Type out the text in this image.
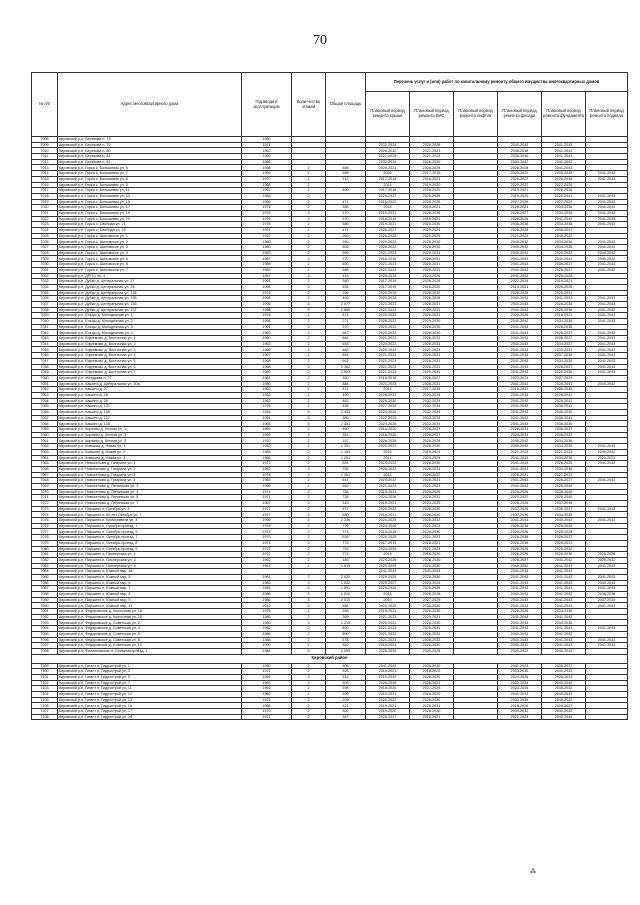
70
№ п/п	Адрес многоквартирного дома	Год ввода в эксплуатацию	Коли-чество этажей	Общая площадь	Перечень услуг и (или) работ по капитальному ремонту общего имущества многоквартирных домов					
					Плановый период ремонта крыши	Плановый период ремонта ВИС	Плановый период ремонта лифтов	Плановый период ремонта фасада	Плановый период ремонта фундамента	Плановый период ремонта подвала
7008	Кировский р-н, Березова п, 78	1980								
7009	Кировский р-н, Березова п, 79	1971			2032-2034	2026-2028		2040-2042	2041-2043	
7010	Кировский р-н, Березова п, 80	1962			2026-2030	2021-2023		2036-2038	2041-2043	
7011	Кировский р-н, Березова п, 81	1960			2027-2029	2021-2023		2038-2040	2041-2043	
7012	Кировский р-н, Березова п, 82	1966			2032-2034	2026-2030		2040-2042	2041-2043	
7013	Кировский р-н, Горка с, Большевик ул, 5	1958	2	658	2026-2021	2026-2028		2026-2028	2041-2043	
7014	Кировский р-н, Горка с, Большевик ул, 7	1959	2	589	2016	2017-2019		2020-2022	2035-2036	2041-2043
7015	Кировский р-н, Горка с, Большевик ул, 8	1970	2	712	2017-2018	2018-2021		2020-2022	2026-2038	2041-2043
7016	Кировский р-н, Горка с, Большевик ул, 9	1968	2		2014	2019-2020		2020-2022	2027-2029	
7017	Кировский р-н, Горка с, Большевик ул, 11	1962	2	490	2017-2018	2018-2020		2019-2021	2026-2026	
7018	Кировский р-н, Горка с, Большевик ул, 13	1958	2		2025-2027	2026-2028		2019-2020	2026-2041	2041-2043
7019	Кировский р-н, Горка с, Большевик ул, 15	1956	2	471	2016-2020	2020-2025		2027-2029	2027-2029	2041-2043
7020	Кировский р-н, Горка с, Большевик ул, 17	1975	2	385	2015	2019-2021		2026-2021	2034-2036	2041-2043
7021	Кировский р-н, Горка с, Большевик ул, 19	1976	2	370	2019-2021	2026-2036		2026-2027	2034-2026	2041-2043
7022	Кировский р-н, Горка с, Большевик ул, 20	1976	2	570	2016-2018	2019-2021		2026-2028	2041-2043	2041-2043
7023	Кировский р-н, Горка с, Свобода ул, 21	1978	2	580	2019-2021	2020-2030		2036-2038	2034-2036	2041-2043
7024	Кировский р-н, Горка с, Свобода ул, 23	1937	2	471	2026-2027	2020-2024		2026-2028	2036-2041	
7025	Кировский р-н, Горка с, Шиловское ул, 1	1937	2	260	2026-2028	2020-2025		2021-2023	2040-2042	
7026	Кировский р-н, Горка с, Шиловское ул, 2	1960	2	260	2020-2022	2026-2030		2040-2042	2034-2036	2041-2043
7027	Кировский р-н, Горка с, Шиловское ул, 3	1960	2	565	2026-2022	2026-2030		2040-2042	2034-2036	2041-2043
7028	Кировский р-н, Горка с, Шиловское ул, 4	1983	2	569	2021-2023	2029-2031		2040-2042	2020-2022	2040-2042
7029	Кировский р-н, Горка с, Шиловское ул, 5	1987	2	370	2016-2018	2029-2031		2041-2043	2040-2041	2040-2042
7030	Кировский р-н, Горка с, Шиловское ул, 6	1989	2	650	2021-2023	2029-2031		2041-2043	2036-2037	2041-2043
7031	Кировский р-н, Горка с, Шиловское ул, 7	1983	2	588	2021-2023	2026-2031		2041-2043	2026-2027	2041-2043
7032	Кировский р-н, ДРП-1 нп, 4	1987	3	418	2026-2025	2024-2026		2041-2043	2026-2026	
7033	Кировский р-н, Дубки д, Центральная ул, 27	1965	2	380	2017-2019	2026-2028		2022-2024	2019-2021	
7034	Кировский р-н, Дубки д, Центральная ул, 28	1954	2	456	2017-2019	2018-2020		2019-2021	2026-2026	
7035	Кировский р-н, Дубки д, Центральная ул, 134	1976	2	256	2020-2025	2026-2032		2026-2028	2026-2041	
7036	Кировский р-н, Дубки д, Центральная ул, 135	1998	2	406	2020-2025	2026-2028		2041-2043	2041-2043	2041-2043
7037	Кировский р-н, Дубки д, Центральная ул, 136	1996	6	2 077	2021-2023	2026-2031		2041-2043	2026-2036	2041-2043
7038	Кировский р-н, Дубки д, Центральная ул, 137	1958	5	2 885	2021-2023	2029-2031		2041-2043	2026-2036	2041-2043
7039	Кировский р-н, Ельцы д, Молодежная ул, 1	1976	2	874	2020-2022	2026-2031		2026-2026	2018-2021	2041-2043
7040	Кировский р-н, Ельцы д, Молодежная ул, 2	1958	2	271	2026-2022	2029-2030		2040-2042	2034-2036	2041-2043
7041	Кировский р-н, Ельцы д, Молодежная ул, 3	1961	2	370	2020-2022	2026-2030		2041-2043	2026-2036	
7042	Кировский р-н, Ельцы д, Молодежная ул, 4	1963	2	567	2020-2022	2026-2030		2041-2043	2026-2037	2041-2043
7043	Кировский р-н, Ефремово д, Восточная ул, 1	1960	2	661	2021-2023	2026-2031		2041-2043	2035-2037	2041-2043
7044	Кировский р-н, Ефремово д, Восточная ул, 2	1963	2	653	2020-2022	2026-2031		2041-2043	2034-2037	2041-2043
7045	Кировский р-н, Ефремово д, Восточная ул, 3	1965	2	663	2020-2022	2021-2023		2041-2043	2035-2037	2041-2043
7046	Кировский р-н, Ефремово д, Восточная ул, 4	1967	2	654	2021-2023	2026-2031		2041-2043	2037-2036	2041-2043
7047	Кировский р-н, Ефремово д, Восточная ул, 5	1968	2	662	2021-2023	2026-2031		2041-2043	2034-2036	2041-2043
7048	Кировский р-н, Ефремово д, Восточная ул, 6	1968	2	2 382	2021-2023	2026-2031		2041-2043	2026-2037	2041-2043
7049	Кировский р-н, Ефремово д, Восточная ул, 7	1980	2	2 523	2021-2023	2029-2031		2041-2043	2026-2036	2041-2043
7050	Кировский р-н, Жердевка п, 27	1981	2	350	2016-2018	2026-2027		2023-2024	2027-2029	
7051	Кировский р-н, Кашино д, Центральная ул, 50а	1980	2	884	2021-2023	2026-2031		2041-2043	2026-2041	2040-2042
7052	Кировский р-н, Кашино д, 27	1952	2	471	2014	2017-2019		2018-2022	2026-2036	
7053	Кировский р-н, Кашино д, 28	1952	2	490	2026-2022	2029-2034		2041-2043	2026-2041	
7054	Кировский р-н, Кашино д, 29	1952	2	463	2026-2030	2032-2034		2041-2043	2026-2041	
7055	Кировский р-н, Кашино д, 131	1976	2	465	2027-2029	2032-2034		2041-2043	2036-2041	
7056	Кировский р-н, Кашино д, 136	1954	5	2 453	2024-2026	2032-2034		2041-2043	2036-2040	
7057	Кировский р-н, Кашино д, 137	1954	5	380	2027-2029	2032-2034		2041-2043	2036-2041	
7058	Кировский р-н, Кашино д, 138	1965	5	2 453	2024-2026	2032-2034		2041-2043	2036-2040	
7059	Кировский р-н, Киреево д, Лесная ул, 1	1969	2	460	2016-2020	2026-2027		2026-2031	2036-2037	
7060	Кировский р-н, Киреево д, Лесная ул, 3	1969	2	351	2016-2020	2026-2027		2026-2031	2036-2037	
7061	Кировский р-н, Киреево д, Лесная ул, 5	1970	2	197	2026-2028	2026-2028		2040-2042	2034-2036	
7062	Кировский р-н, Ковшово д, Новая ул, 1	1982	2	1 251	2020-2022	2026-2030		2040-2042	2034-2036	2041-2043
7063	Кировский р-н, Ковшово д, Новая ул, 2	1985	2	1 153	2015	2019-2021		2021-2023	2021-2023	2040-2042
7064	Кировский р-н, Ковшово д, Новая ул, 3	1966	2	1 251	2014	2020-2024		2041-2043	2034-2036	2021-2023
7065	Кировский р-н, Новоселово д, Гагарина ул, 1	1973	2	581	2020-2022	2026-2030		2041-2043	2026-2026	2041-2043
7066	Кировский р-н, Новоселово д, Гагарина ул, 2	1982	2	765	2026-2022	2026-2031		2041-2043	2034-2036	
7067	Кировский р-н, Новоселово д, Гагарина ул, 3	1978	2	1 261	2014	2026-2022		2026-2031	2021-2023	
7068	Кировский р-н, Новоселово д, Гагарина ул, 4	1983	2	641	2020-2022	2026-2031		2041-2043	2026-2037	2041-2043
7069	Кировский р-н, Новоселово д, Ленинская ул, 2	1966	2	552	2021-2023	2021-2023		2041-2043	2026-2026	
7070	Кировский р-н, Новоселово д, Ленинская ул, 4	1974	2	736	2019-2021	2026-2026		2026-2026	2036-2040	
7071	Кировский р-н, Новоселово д, Ленинская ул, 5	1971	2	738	2024-2026	2026-2031		2020-2022	2026-2040	
7072	Кировский р-н, Новоселово д, Ленинская ул, 7	1967	2	310	2019-2023	2020-2025		2026-2028	2037-2036	
7073	Кировский р-н, Паршино п, Октябрь ул, 3	1977	2	672	2020-2022	2026-2030		2037-2026	2036-2037	2041-2043
7074	Кировский р-н, Паршино п, 60 лет Октября ул, 7	1977	2	680	2019-2021	2026-2030		2037-2036	2034-2036	
7075	Кировский р-н, Паршино п, Космонавтов ул, 4	1995	4	2 336	2020-2025	2026-2032		2041-2043	2040-2042	2041-2043
7076	Кировский р-н, Паршино п, Октябрь проезд, 1	1978	2	726	2024-2026	2021-2023		2026-2038	2026-2028	
7077	Кировский р-н, Паршино п, Октябрь проезд, 5	1973	2	774	2016-2018	2026-2030		2026-2026	2026-2028	
7078	Кировский р-н, Паршино п, Октябрь проезд, 7	1975	2	536	2020-2025	2021-2023		2026-2038	2026-2037	
7079	Кировский р-н, Паршино п, Октябрь проезд, 8	1974	2	776	2017-2019	2018-2021		2026-2038	2026-2031	
7080	Кировский р-н, Паршино п, Октябрь проезд, 9	1973	2	793	2024-2026	2021-2023		2026-2026	2026-2032	
7081	Кировский р-н, Паршино п, Пионерская ул, 1	1972	2	774	2014	2016-2020		2026-2026	2026-2036	2026-2026
7082	Кировский р-н, Паршино п, Пионерская ул, 2	1962	2	349	2024-2026	2026-2030		2026-2027	2040-2042	2026-2032
7083	Кировский р-н, Паршино п, Пионерская ул, 4	1963	2	1 619	2020-2025	2026-2030		2040-2042	2041-2043	2041-2043
7084	Кировский р-н, Паршино п, Южный мкр, 1а				2041-2043	2041-2043		2041-2043	2041-2043	
7085	Кировский р-н, Паршино п, Южный мкр, 5	1981	3	2 620	2020-2025	2026-2030		2041-2043	2041-2043	2041-2043
7086	Кировский р-н, Паршино п, Южный мкр, 6	1982	3	1 632	2025-2027	2025-2024		2041-2043	2041-2043	2040-2043
7087	Кировский р-н, Паршино п, Южный мкр, 7	1984	3	1 891	2025-2026	2026-2028		2041-2043	2041-2043	2041-2043
7088	Кировский р-н, Паршино п, Южный мкр, 8	1986	3	1 510	2014	2026-2028		2041-2043	2041-2043	2036-2038
7089	Кировский р-н, Паршино п, Южный мкр, 9	1986	3	2 510	2016	2027-2029		2041-2043	2041-2043	2037-2039
7090	Кировский р-н, Паршино п, Южный мкр, 11	2012	5	986	2020-2025	2026-2030		2041-2043	2041-2043	2041-2043
7091	Кировский р-н, Федоровское д, Колхозная ул, 16	1975	2	356	2019-2021	2026-2030		2026-2026	2034-2036	
7092	Кировский р-н, Федоровское д, Колхозная ул, 18	1980	2	369	2021-2023	2029-2031		2041-2043	2041-2043	
7093	Кировский р-н, Федоровское д, Советская ул, 2	1980	2	1 215	2020-2022	2026-2030		2041-2043	2034-2036	
7094	Кировский р-н, Федоровское д, Советская ул, 4	1982	2	890	2021-2023	2026-2031		2041-2043	2041-2043	2041-2043
7095	Кировский р-н, Федоровское д, Советская ул, 6	1986	2	890	2021-2023	2026-2031		2041-2043	2041-2043	
7096	Кировский р-н, Федоровское д, Советская ул, 8	1988	2	578	2021-2023	2026-2032		2041-2043	2041-2043	2041-2043
7097	Кировский р-н, Федоровское д, Советская ул, 10	1990	2	582	2019-2021	2026-2030		2040-2042	2041-2043	2041-2043
7098	Кировский р-н, Филипповское п, Олимпия проезд, 1	1984	5	1 050	2026-2026	2020-2025		2020-2022	2040-2042	
Кировский район										
7099	Кировский р-н, Гигант п, Гидрострой ул, 1	1980	2	305	2041-2043	2026-2030		2041-2043	2035-2037	
7100	Кировский р-н, Гигант п, Гидрострой ул, 3	1971	2	325	2019-2021	2018-2020		2033-2035	2040-2042	
7101	Кировский р-н, Гигант п, Гидрострой ул, 5	1954	2	316	2019-2020	2026-2020		2024-2026	2026-2024	
7102	Кировский р-н, Гигант п, Гидрострой ул, 7	1963	2	305	2026-2028	2026-2021		2032-2034	2040-2042	
7103	Кировский р-н, Гигант п, Гидрострой ул, 11	1963	2	398	2016-2020	2027-2029		2024-2026	2040-2042	
7104	Кировский р-н, Гигант п, Гидрострой ул, 12	1962	2	205	2019-2021	2018-2020		2041-2043	2040-2042	
7105	Кировский р-н, Гигант п, Гидрострой ул, 13	1973	2	205	2020-2022	2026-2030		2033-2035	2040-2042	
7106	Кировский р-н, Гигант п, Гидрострой ул, 15	1966	2	321	2019-2021	2026-2031		2026-2026	2026-2027	
7107	Кировский р-н, Гигант п, Гидрострой ул, 17	1970	2	302	2019-2020	2026-2030		2030-2032	2040-2042	
7108	Кировский р-н, Гигант п, Гидрострой ул, 28	1971	2	367	2025-2027	2016-2021		2021-2023	2040-2042	
⁂
